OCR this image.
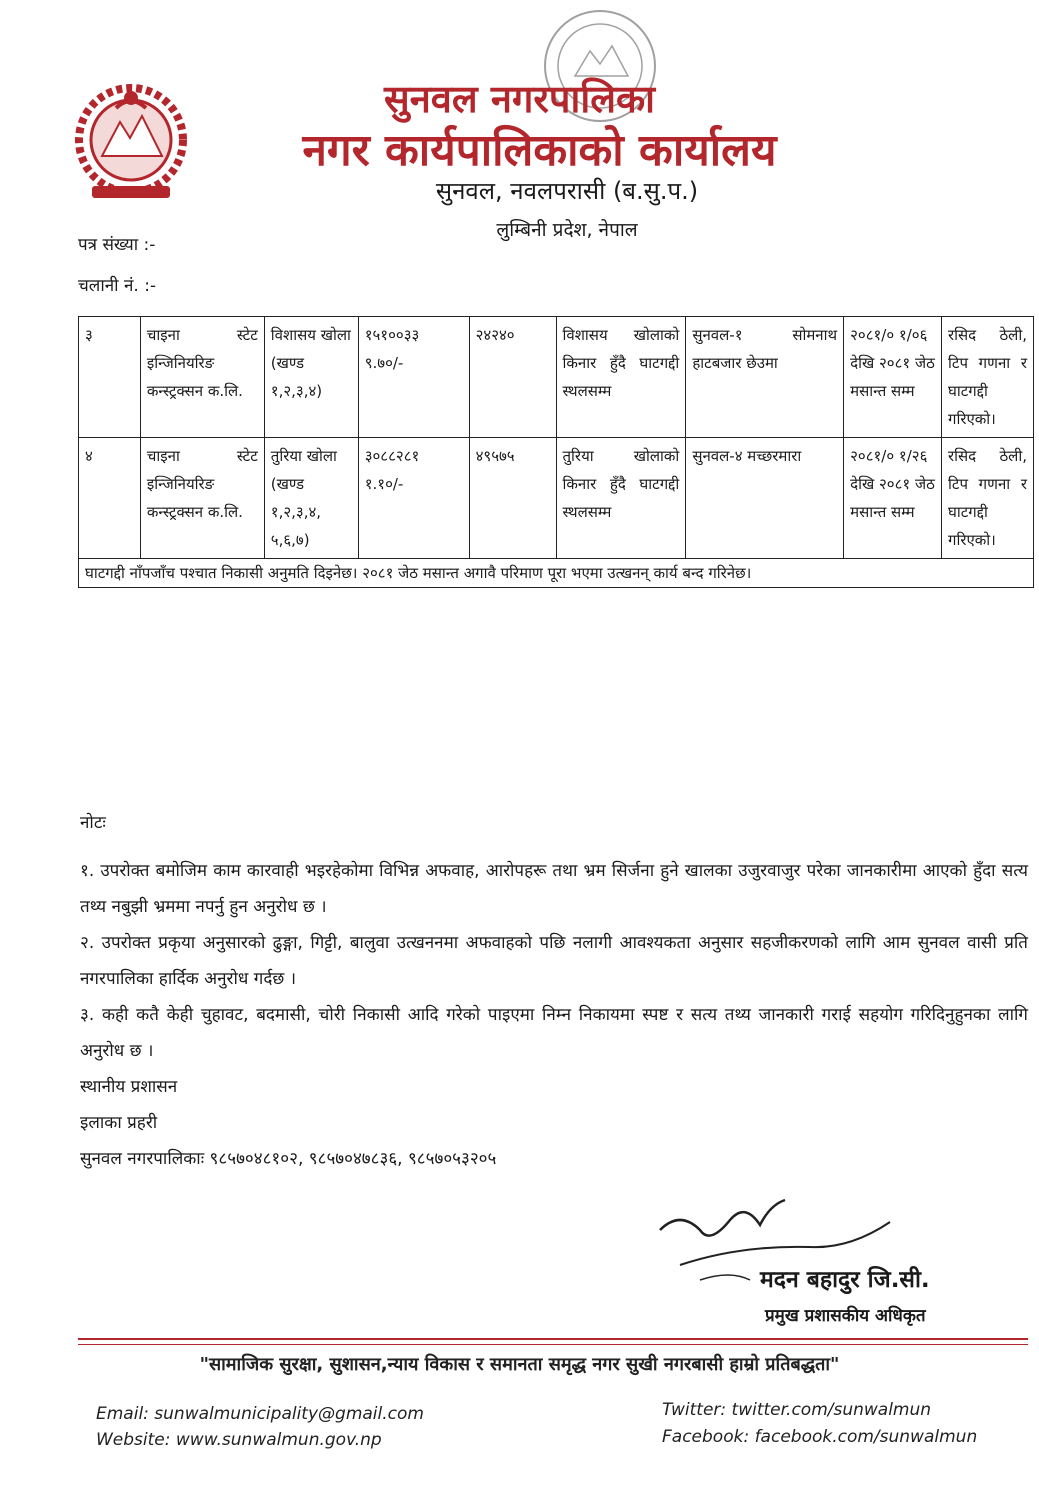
सुनवल नगरपालिका
नगर कार्यपालिकाको कार्यालय
सुनवल, नवलपरासी (ब.सु.प.)
लुम्बिनी प्रदेश, नेपाल
पत्र संख्या :-
चलानी नं. :-
३	चाइना स्टेट इन्जिनियरिङ कन्स्ट्रक्सन क.लि.	विशासय खोला (खण्ड १,२,३,४)	१५१००३३ ९.७०/-	२४२४०	विशासय खोलाको किनार हुँदै घाटगद्दी स्थलसम्म	सुनवल-१ सोमनाथ हाटबजार छेउमा	२०८१/० १/०६ देखि २०८१ जेठ मसान्त सम्म	रसिद ठेली, टिप गणना र घाटगद्दी गरिएको।
४	चाइना स्टेट इन्जिनियरिङ कन्स्ट्रक्सन क.लि.	तुरिया खोला (खण्ड १,२,३,४, ५,६,७)	३०८८२८१ १.१०/-	४९५७५	तुरिया खोलाको किनार हुँदै घाटगद्दी स्थलसम्म	सुनवल-४ मच्छरमारा	२०८१/० १/२६ देखि २०८१ जेठ मसान्त सम्म	रसिद ठेली, टिप गणना र घाटगद्दी गरिएको।
घाटगद्दी नाँपजाँच पश्चात निकासी अनुमति दिइनेछ। २०८१ जेठ मसान्त अगावै परिमाण पूरा भएमा उत्खनन् कार्य बन्द गरिनेछ।								

नोटः

१. उपरोक्त बमोजिम काम कारवाही भइरहेकोमा विभिन्न अफवाह, आरोपहरू तथा भ्रम सिर्जना हुने खालका उजुरवाजुर परेका जानकारीमा आएको हुँदा सत्य तथ्य नबुझी भ्रममा नपर्नु हुन अनुरोध छ ।

२. उपरोक्त प्रकृया अनुसारको ढुङ्गा, गिट्टी, बालुवा उत्खननमा अफवाहको पछि नलागी आवश्यकता अनुसार सहजीकरणको लागि आम सुनवल वासी प्रति नगरपालिका हार्दिक अनुरोध गर्दछ ।

३. कही कतै केही चुहावट, बदमासी, चोरी निकासी आदि गरेको पाइएमा निम्न निकायमा स्पष्ट र सत्य तथ्य जानकारी गराई सहयोग गरिदिनुहुनका लागि अनुरोध छ ।

स्थानीय प्रशासन

इलाका प्रहरी

सुनवल नगरपालिकाः ९८५७०४८१०२, ९८५७०४७८३६, ९८५७०५३२०५

मदन बहादुर जि.सी.
प्रमुख प्रशासकीय अधिकृत
"सामाजिक सुरक्षा, सुशासन,न्याय विकास र समानता समृद्ध नगर सुखी नगरबासी हाम्रो प्रतिबद्धता"
Email: sunwalmunicipality@gmail.com
Website: www.sunwalmun.gov.np
Twitter: twitter.com/sunwalmun
Facebook: facebook.com/sunwalmun
